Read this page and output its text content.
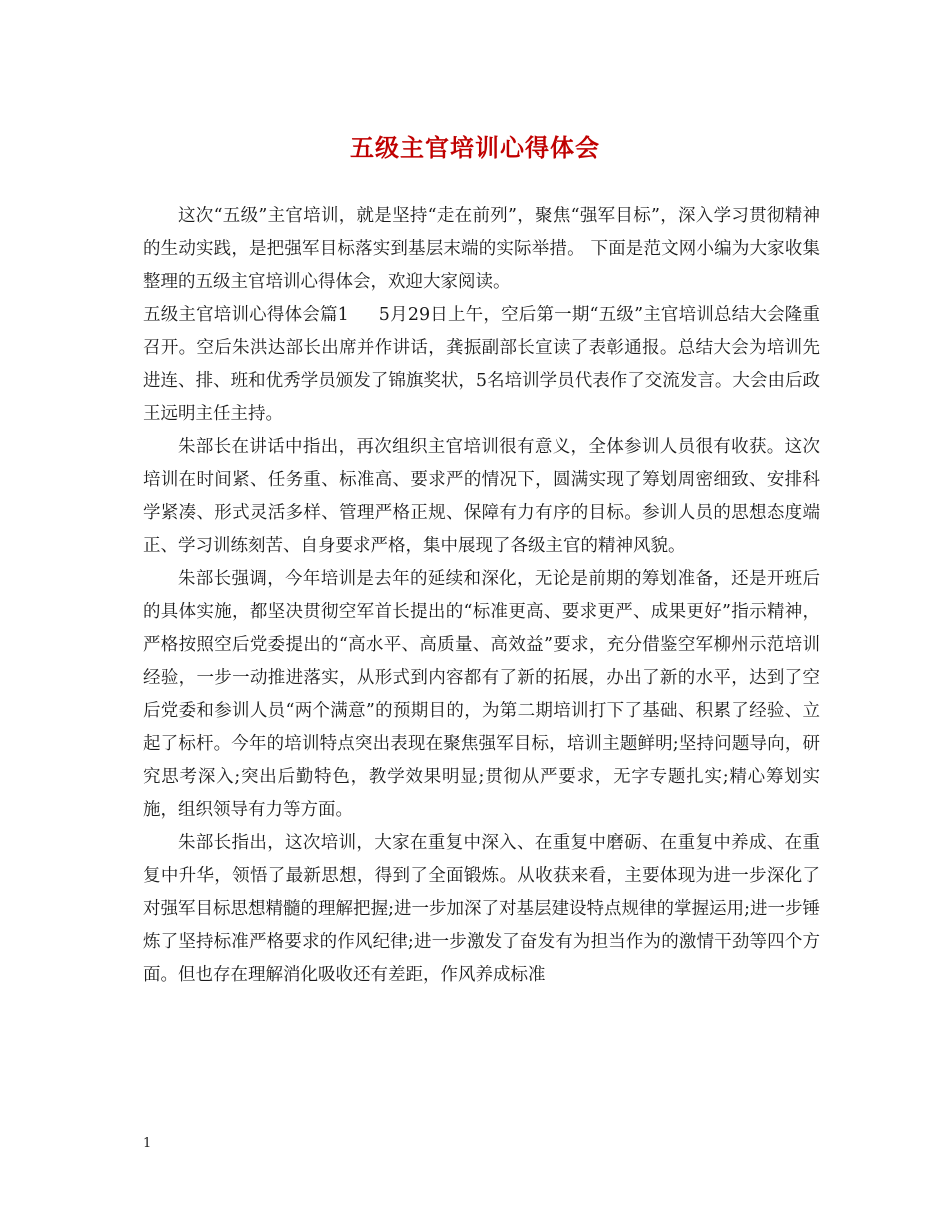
五级主官培训心得体会

这次“五级”主官培训，就是坚持“走在前列”，聚焦“强军目标”，深入学习贯彻精神的生动实践，是把强军目标落实到基层末端的实际举措。 下面是范文网小编为大家收集整理的五级主官培训心得体会，欢迎大家阅读。

五级主官培训心得体会篇1 5月29日上午，空后第一期“五级”主官培训总结大会隆重召开。空后朱洪达部长出席并作讲话，龚振副部长宣读了表彰通报。总结大会为培训先进连、排、班和优秀学员颁发了锦旗奖状，5名培训学员代表作了交流发言。大会由后政王远明主任主持。

朱部长在讲话中指出，再次组织主官培训很有意义，全体参训人员很有收获。这次培训在时间紧、任务重、标准高、要求严的情况下，圆满实现了筹划周密细致、安排科学紧凑、形式灵活多样、管理严格正规、保障有力有序的目标。参训人员的思想态度端正、学习训练刻苦、自身要求严格，集中展现了各级主官的精神风貌。

朱部长强调，今年培训是去年的延续和深化，无论是前期的筹划准备，还是开班后的具体实施，都坚决贯彻空军首长提出的“标准更高、要求更严、成果更好”指示精神，严格按照空后党委提出的“高水平、高质量、高效益”要求，充分借鉴空军柳州示范培训经验，一步一动推进落实，从形式到内容都有了新的拓展，办出了新的水平，达到了空后党委和参训人员“两个满意”的预期目的，为第二期培训打下了基础、积累了经验、立起了标杆。今年的培训特点突出表现在聚焦强军目标，培训主题鲜明;坚持问题导向，研究思考深入;突出后勤特色，教学效果明显;贯彻从严要求，无字专题扎实;精心筹划实施，组织领导有力等方面。

朱部长指出，这次培训，大家在重复中深入、在重复中磨砺、在重复中养成、在重复中升华，领悟了最新思想，得到了全面锻炼。从收获来看，主要体现为进一步深化了对强军目标思想精髓的理解把握;进一步加深了对基层建设特点规律的掌握运用;进一步锤炼了坚持标准严格要求的作风纪律;进一步激发了奋发有为担当作为的激情干劲等四个方面。但也存在理解消化吸收还有差距，作风养成标准

1
